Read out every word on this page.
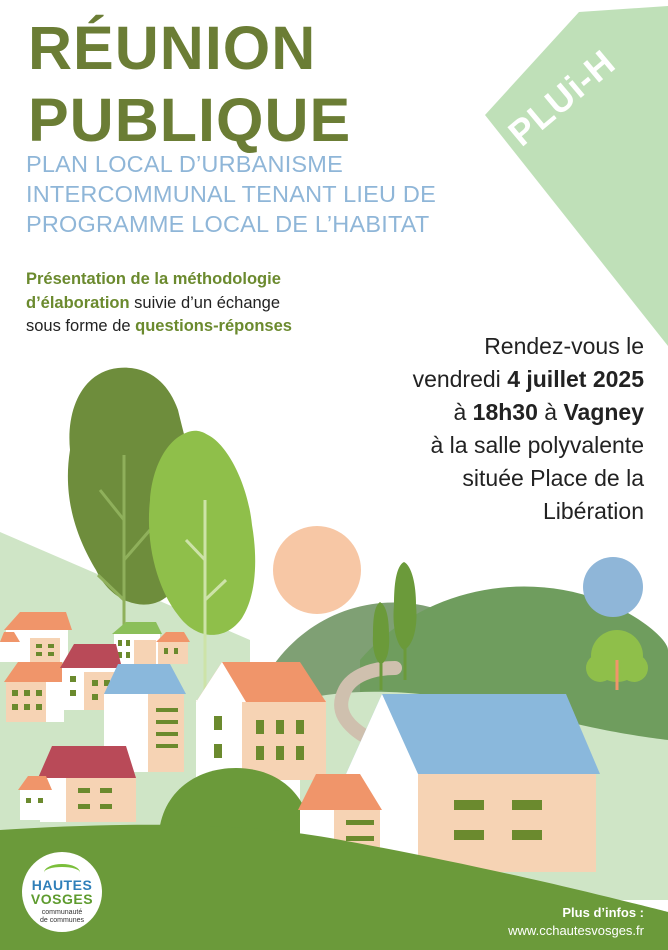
PLUi-H
RÉUNION
PUBLIQUE
PLAN LOCAL D’URBANISME
INTERCOMMUNAL TENANT LIEU DE
PROGRAMME LOCAL DE L’HABITAT
Présentation de la méthodologie
d’élaboration suivie d’un échange
sous forme de questions-réponses
Rendez-vous le
vendredi 4 juillet 2025
à 18h30 à Vagney
à la salle polyvalente
située Place de la
Libération
HAUTES
VOSGES
communauté
de communes
Plus d’infos :
www.cchautesvosges.fr
